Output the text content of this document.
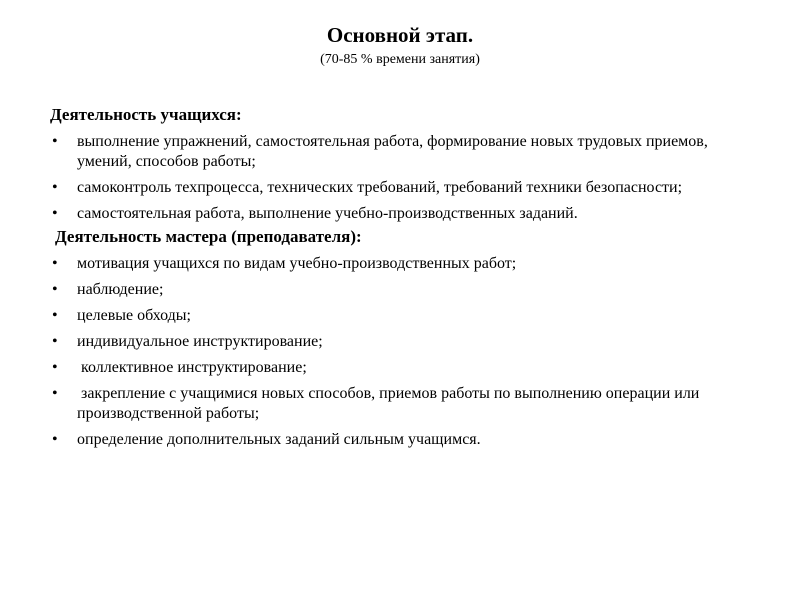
Основной этап.
(70-85 % времени занятия)

Деятельность учащихся:

• выполнение упражнений, самостоятельная работа, формирование новых трудовых приемов, умений, способов работы;
• самоконтроль техпроцесса, технических требований, требований техники безопасности;
• самостоятельная работа, выполнение учебно-производственных заданий.

Деятельность мастера (преподавателя):

• мотивация учащихся по видам учебно-производственных работ;
• наблюдение;
• целевые обходы;
• индивидуальное инструктирование;
• коллективное инструктирование;
• закрепление с учащимися новых способов, приемов работы по выполнению операции или производственной работы;
• определение дополнительных заданий сильным учащимся.
